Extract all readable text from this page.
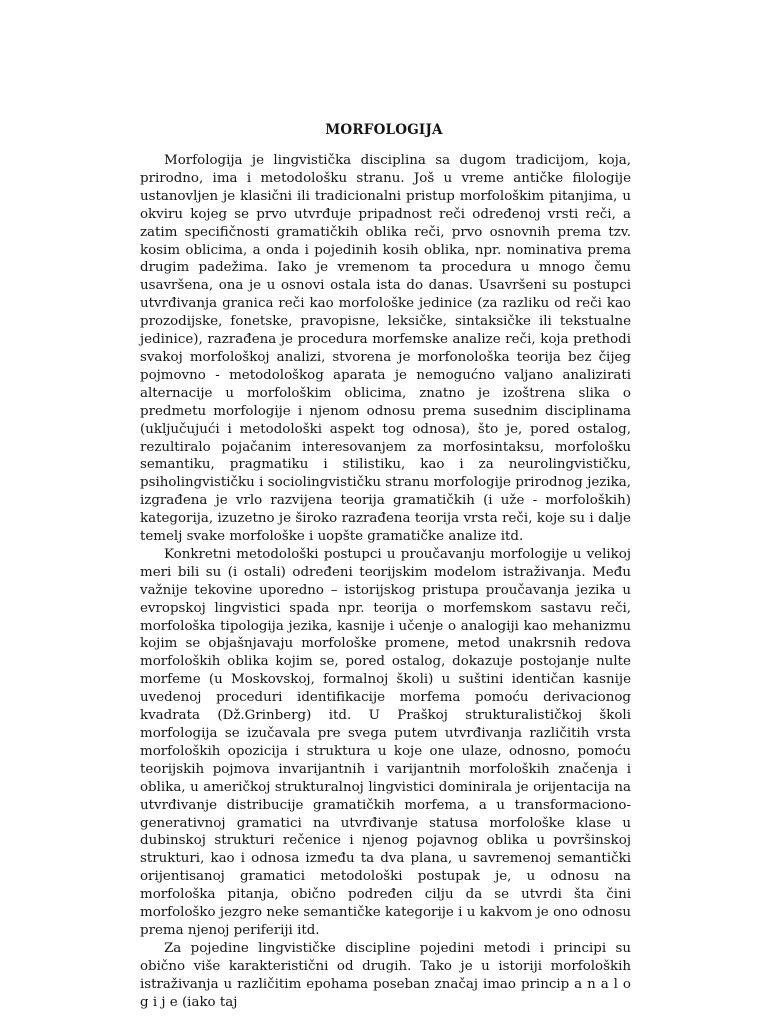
MORFOLOGIJA

Morfologija je lingvistička disciplina sa dugom tradicijom, koja, prirodno, ima i metodološku stranu. Još u vreme antičke filologije ustanovljen je klasični ili tradicionalni pristup morfološkim pitanjima, u okviru kojeg se prvo utvrđuje pripadnost reči određenoj vrsti reči, a zatim specifičnosti gramatičkih oblika reči, prvo osnovnih prema tzv. kosim oblicima, a onda i pojedinih kosih oblika, npr. nominativa prema drugim padežima. Iako je vremenom ta procedura u mnogo čemu usavršena, ona je u osnovi ostala ista do danas. Usavršeni su postupci utvrđivanja granica reči kao morfološke jedinice (za razliku od reči kao prozodijske, fonetske, pravopisne, leksičke, sintaksičke ili tekstualne jedinice), razrađena je procedura morfemske analize reči, koja prethodi svakoj morfološkoj analizi, stvorena je morfonološka teorija bez čijeg pojmovno - metodološkog aparata je nemogućno valjano analizirati alternacije u morfološkim oblicima, znatno je izoštrena slika o predmetu morfologije i njenom odnosu prema susednim disciplinama (uključujući i metodološki aspekt tog odnosa), što je, pored ostalog, rezultiralo pojačanim interesovanjem za morfosintaksu, morfološku semantiku, pragmatiku i stilistiku, kao i za neurolingvističku, psiholingvističku i sociolingvističku stranu morfologije prirodnog jezika, izgrađena je vrlo razvijena teorija gramatičkih (i uže - morfoloških) kategorija, izuzetno je široko razrađena teorija vrsta reči, koje su i dalje temelj svake morfološke i uopšte gramatičke analize itd.

Konkretni metodološki postupci u proučavanju morfologije u velikoj meri bili su (i ostali) određeni teorijskim modelom istraživanja. Među važnije tekovine uporedno – istorijskog pristupa proučavanja jezika u evropskoj lingvistici spada npr. teorija o morfemskom sastavu reči, morfološka tipologija jezika, kasnije i učenje o analogiji kao mehanizmu kojim se objašnjavaju morfološke promene, metod unakrsnih redova morfoloških oblika kojim se, pored ostalog, dokazuje postojanje nulte morfeme (u Moskovskoj, formalnoj školi) u suštini identičan kasnije uvedenoj proceduri identifikacije morfema pomoću derivacionog kvadrata (Dž.Grinberg) itd. U Praškoj strukturalističkoj školi morfologija se izučavala pre svega putem utvrđivanja različitih vrsta morfoloških opozicija i struktura u koje one ulaze, odnosno, pomoću teorijskih pojmova invarijantnih i varijantnih morfoloških značenja i oblika, u američkoj strukturalnoj lingvistici dominirala je orijentacija na utvrđivanje distribucije gramatičkih morfema, a u transformaciono-generativnoj gramatici na utvrđivanje statusa morfološke klase u dubinskoj strukturi rečenice i njenog pojavnog oblika u površinskoj strukturi, kao i odnosa između ta dva plana, u savremenoj semantički orijentisanoj gramatici metodološki postupak je, u odnosu na morfološka pitanja, obično podređen cilju da se utvrdi šta čini morfološko jezgro neke semantičke kategorije i u kakvom je ono odnosu prema njenoj periferiji itd.

Za pojedine lingvističke discipline pojedini metodi i principi su obično više karakteristični od drugih. Tako je u istoriji morfoloških istraživanja u različitim epohama poseban značaj imao princip a n a l o g i j e (iako taj
